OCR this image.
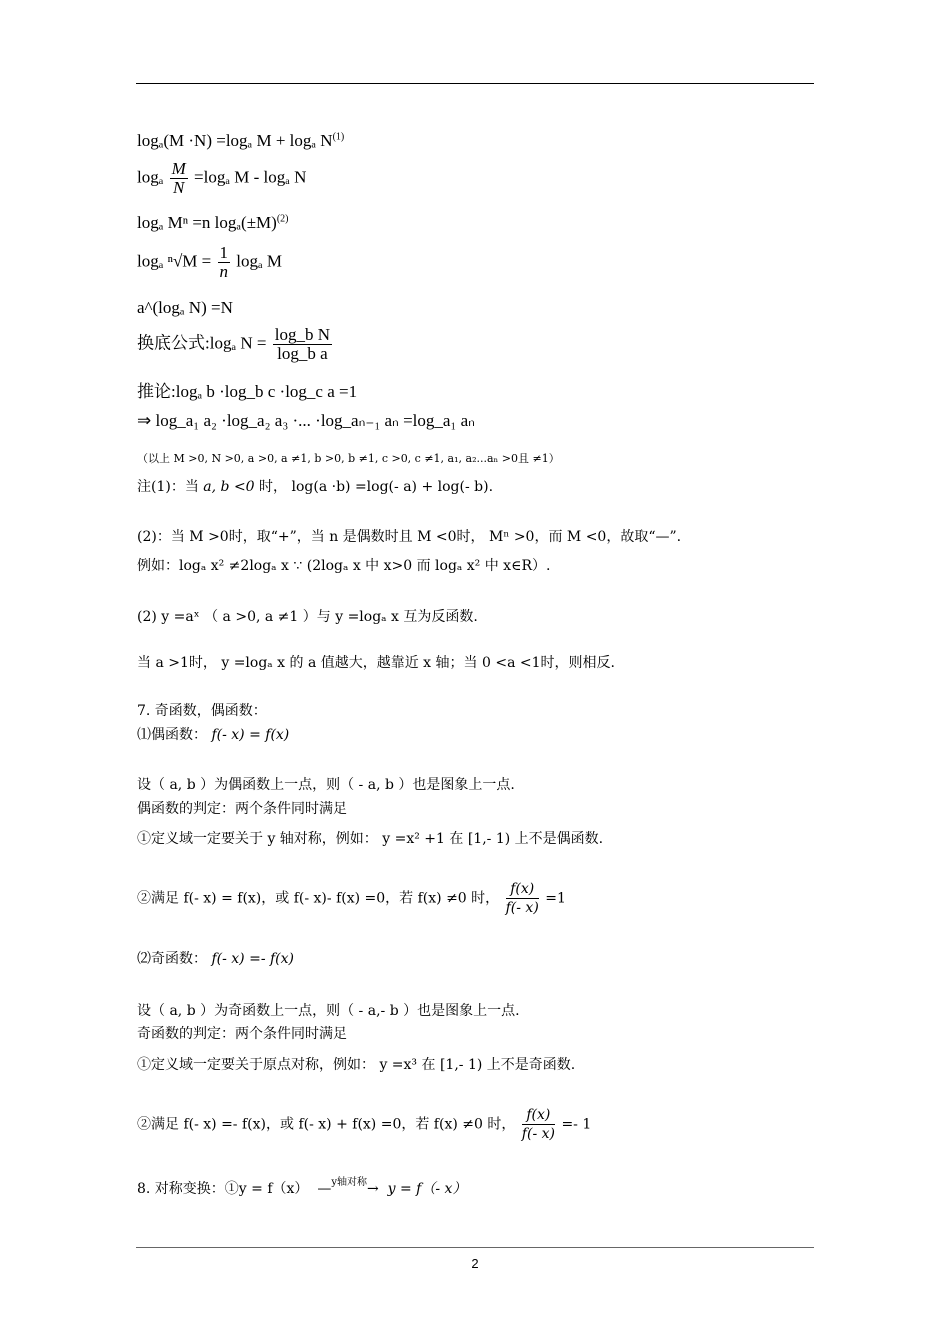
logₐ(M ·N) =logₐ M + logₐ $N^{(1)}$
logₐ $\frac{M}{N} =\log_a$ M - logₐ N
logₐ Mⁿ =n $\log_a(\pm M)^{(2)}$
logₐ $^n√M = \frac{1}{n}$ logₐ M
a^(logₐ N) =N
换底公式:logₐ $N = \frac{\text{log\_b N}}{\text{log\_b a}}$
推论:logₐ b ·log_b c ·log_c a =1
⇒ log_a₁ a₂ ·log_a₂ a₃ ·... ·log_aₙ₋₁ aₙ =log_a₁ aₙ
（以上 M >0, N >0, a >0, a ≠1, b >0, b ≠1, c >0, c ≠1, a₁, a₂...aₙ >0且 ≠1）
注(1)：当 a, b <0 时， log(a ·b) =log(- a) + log(- b).
(2)：当 M >0时，取“+”，当 n 是偶数时且 M <0时， Mⁿ >0，而 M <0，故取“—”.
例如：logₐ x² ≠2logₐ x ∵ (2logₐ x 中 x>0 而 logₐ x² 中 x∈R）.
(2) y =aˣ （ a >0, a ≠1 ）与 y =logₐ x 互为反函数.
当 a >1时， y =logₐ x 的 a 值越大，越靠近 x 轴；当 0 <a <1时，则相反.
7. 奇函数，偶函数：
⑴偶函数： f(- x) = f(x)
设（ a, b ）为偶函数上一点，则（ - a, b ）也是图象上一点.
偶函数的判定：两个条件同时满足
①定义域一定要关于 y 轴对称，例如： y =x² +1 在 [1,- 1) 上不是偶函数.
②满足 f(- x) = f(x)，或 f(- x)- f(x) =0，若 f(x) ≠0 时， $\frac{f(x)}{f(- x)} =1$
⑵奇函数： f(- x) =- f(x)
设（ a, b ）为奇函数上一点，则（ - a,- b ）也是图象上一点.
奇函数的判定：两个条件同时满足
①定义域一定要关于原点对称，例如： y =x³ 在 [1,- 1) 上不是奇函数.
②满足 f(- x) =- f(x)，或 f(- x) + f(x) =0，若 f(x) ≠0 时， $\frac{f(x)}{f(- x)} =- 1$
8. 对称变换：①y = f（x）  —$^{y轴对称}$→  y = f（- x）
2
